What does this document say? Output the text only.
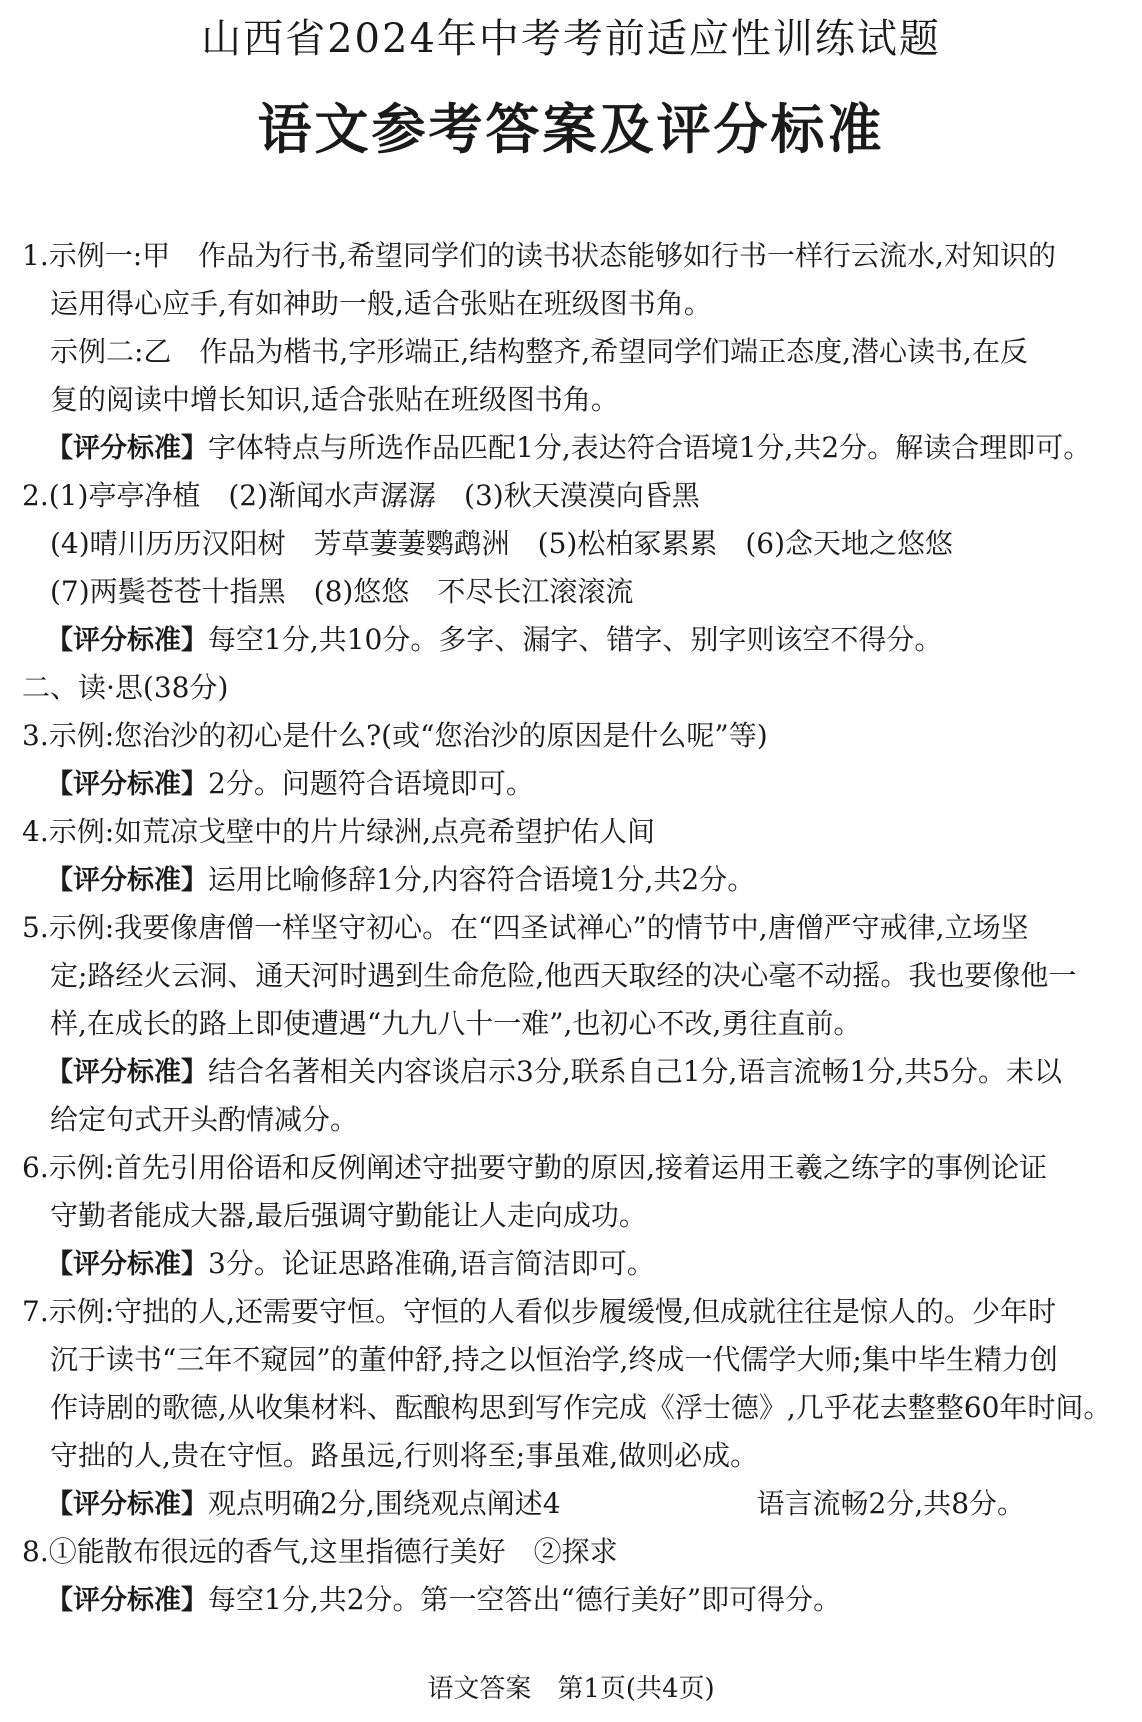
山西省2024年中考考前适应性训练试题
语文参考答案及评分标准
1.示例一:甲　作品为行书,希望同学们的读书状态能够如行书一样行云流水,对知识的
运用得心应手,有如神助一般,适合张贴在班级图书角。
示例二:乙　作品为楷书,字形端正,结构整齐,希望同学们端正态度,潜心读书,在反
复的阅读中增长知识,适合张贴在班级图书角。
【评分标准】字体特点与所选作品匹配1分,表达符合语境1分,共2分。解读合理即可。
2.(1)亭亭净植　(2)渐闻水声潺潺　(3)秋天漠漠向昏黑
(4)晴川历历汉阳树　芳草萋萋鹦鹉洲　(5)松柏冢累累　(6)念天地之悠悠
(7)两鬓苍苍十指黑　(8)悠悠　不尽长江滚滚流
【评分标准】每空1分,共10分。多字、漏字、错字、别字则该空不得分。
二、读·思(38分)
3.示例:您治沙的初心是什么?(或“您治沙的原因是什么呢”等)
【评分标准】2分。问题符合语境即可。
4.示例:如荒凉戈壁中的片片绿洲,点亮希望护佑人间
【评分标准】运用比喻修辞1分,内容符合语境1分,共2分。
5.示例:我要像唐僧一样坚守初心。在“四圣试禅心”的情节中,唐僧严守戒律,立场坚
定;路经火云洞、通天河时遇到生命危险,他西天取经的决心毫不动摇。我也要像他一
样,在成长的路上即使遭遇“九九八十一难”,也初心不改,勇往直前。
【评分标准】结合名著相关内容谈启示3分,联系自己1分,语言流畅1分,共5分。未以
给定句式开头酌情减分。
6.示例:首先引用俗语和反例阐述守拙要守勤的原因,接着运用王羲之练字的事例论证
守勤者能成大器,最后强调守勤能让人走向成功。
【评分标准】3分。论证思路准确,语言简洁即可。
7.示例:守拙的人,还需要守恒。守恒的人看似步履缓慢,但成就往往是惊人的。少年时
沉于读书“三年不窥园”的董仲舒,持之以恒治学,终成一代儒学大师;集中毕生精力创
作诗剧的歌德,从收集材料、酝酿构思到写作完成《浮士德》,几乎花去整整60年时间。
守拙的人,贵在守恒。路虽远,行则将至;事虽难,做则必成。
【评分标准】观点明确2分,围绕观点阐述4　　　　　　　语言流畅2分,共8分。
8.①能散布很远的香气,这里指德行美好　②探求
【评分标准】每空1分,共2分。第一空答出“德行美好”即可得分。
语文答案　第1页(共4页)
